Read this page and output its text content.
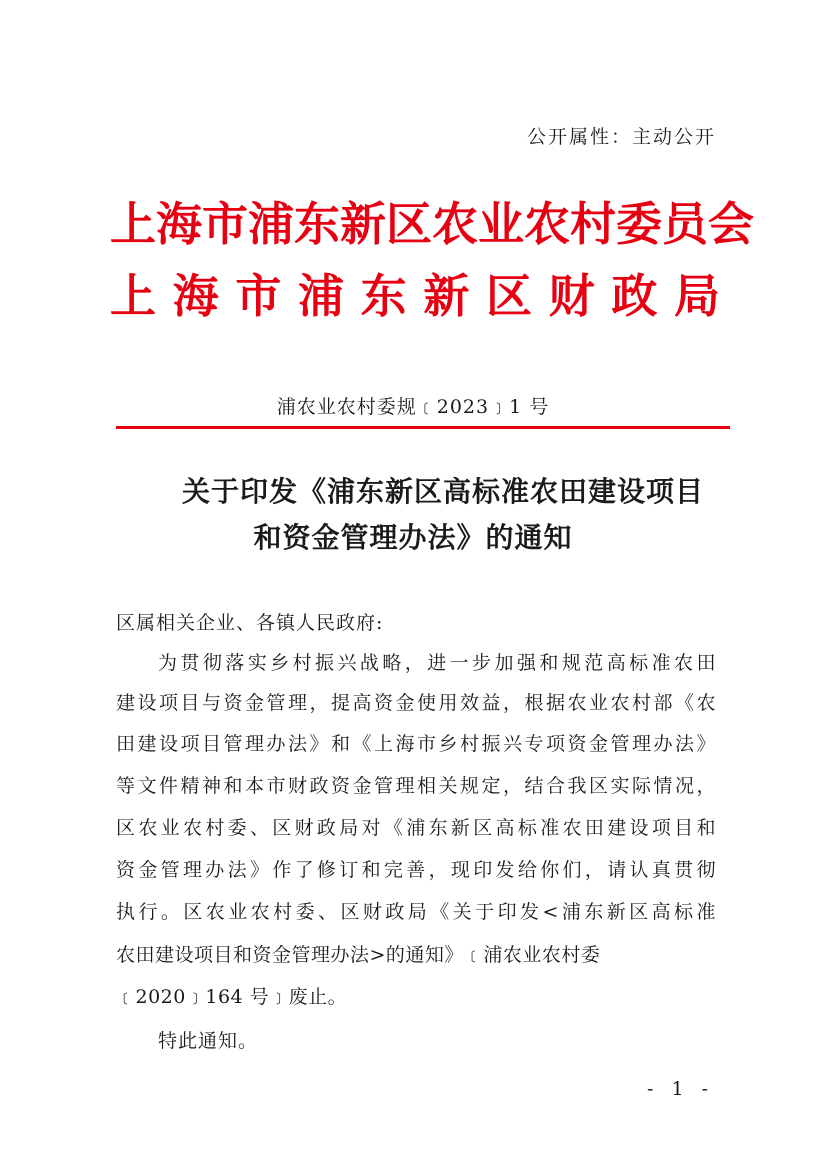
公开属性：主动公开

上海市浦东新区农业农村委员会
上 海 市 浦 东 新 区 财 政 局

浦农业农村委规﹝2023﹞1 号

关于印发《浦东新区高标准农田建设项目
和资金管理办法》的通知

区属相关企业、各镇人民政府:

为贯彻落实乡村振兴战略，进一步加强和规范高标准农田
建设项目与资金管理，提高资金使用效益，根据农业农村部《农
田建设项目管理办法》和《上海市乡村振兴专项资金管理办法》
等文件精神和本市财政资金管理相关规定，结合我区实际情况，
区农业农村委、区财政局对《浦东新区高标准农田建设项目和
资金管理办法》作了修订和完善，现印发给你们，请认真贯彻
执行。区农业农村委、区财政局《关于印发<浦东新区高标准
农田建设项目和资金管理办法>的通知》﹝浦农业农村委
﹝2020﹞164 号﹞废止。

特此通知。

- 1 -
